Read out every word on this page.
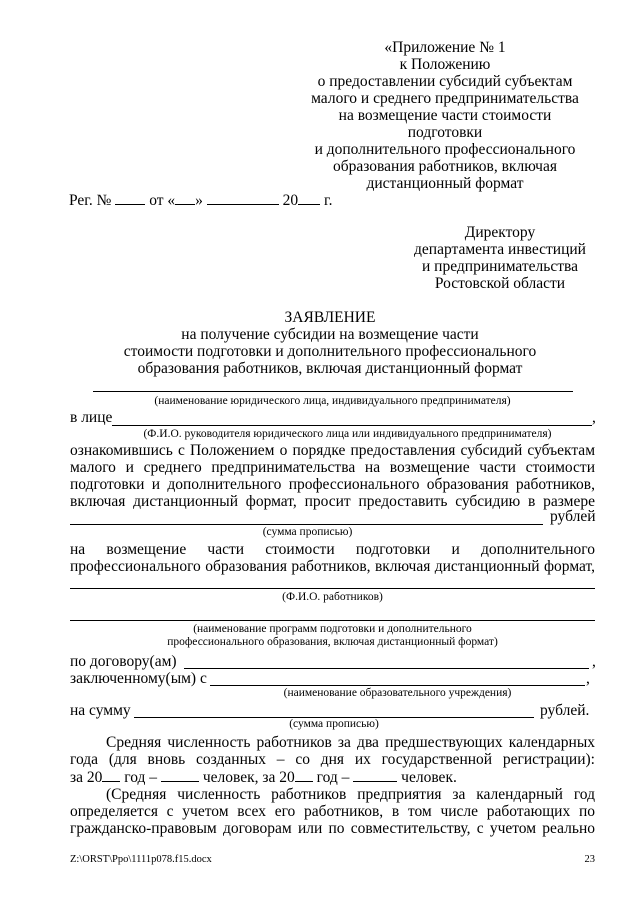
«Приложение № 1
к Положению
о предоставлении субсидий субъектам
малого и среднего предпринимательства
на возмещение части стоимости подготовки
и дополнительного профессионального
образования работников, включая
дистанционный формат
Рег. № от « »	20 г.
Директору
департамента инвестиций
и предпринимательства
Ростовской области
ЗАЯВЛЕНИЕ
на получение субсидии на возмещение части
стоимости подготовки и дополнительного профессионального
образования работников, включая дистанционный формат
(наименование юридического лица, индивидуального предпринимателя)
в лице	,
(Ф.И.О. руководителя юридического лица или индивидуального предпринимателя)
ознакомившись с Положением о порядке предоставления субсидий субъектам
малого и среднего предпринимательства на возмещение части стоимости
подготовки и дополнительного профессионального образования работников,
включая дистанционный формат, просит предоставить субсидию в размере
рублей
(сумма прописью)
на возмещение части стоимости подготовки и дополнительного
профессионального образования работников, включая дистанционный формат,
(Ф.И.О. работников)
(наименование программ подготовки и дополнительного
профессионального образования, включая дистанционный формат)
по договору(ам)	,
заключенному(ым) с	,
(наименование образовательного учреждения)
на сумму	рублей.
(сумма прописью)
Средняя численность работников за два предшествующих календарных
года (для вновь созданных – со дня их государственной регистрации):
за 20 год –	человек, за 20 год –	человек.
(Средняя численность работников предприятия за календарный год
определяется с учетом всех его работников, в том числе работающих по
гражданско-правовым договорам или по совместительству, с учетом реально
Z:\ORST\Ppo\1111p078.f15.docx	23
